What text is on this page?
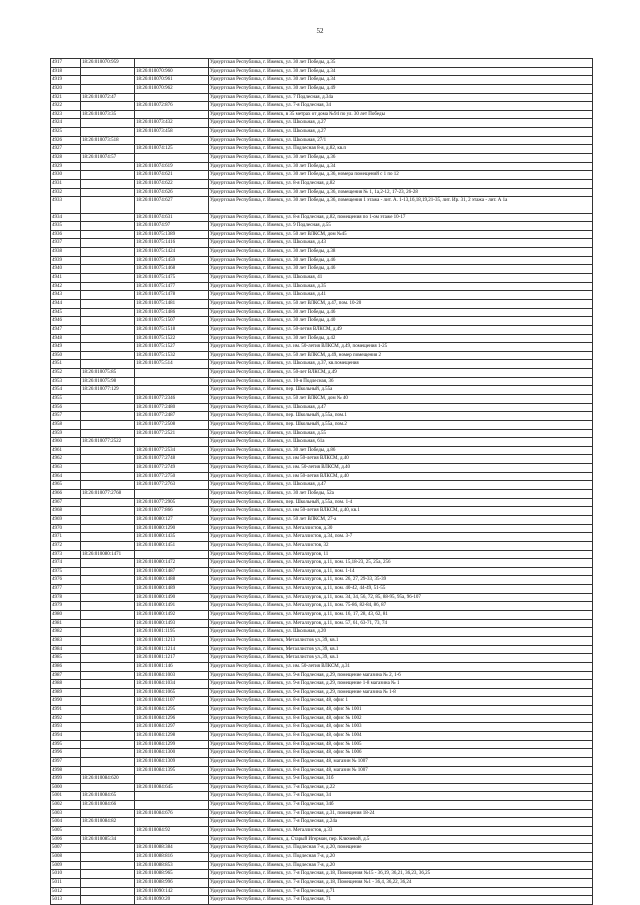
52
4917	18:26:010070:959		Удмуртская Республика, г. Ижевск, ул. 30 лет Победы, д.35
4918		18:26:010070:960	Удмуртская Республика, г. Ижевск, ул. 30 лет Победы, д.34
4919		18:26:010070:961	Удмуртская Республика, г. Ижевск, ул. 30 лет Победы, д.34
4920		18:26:010070:962	Удмуртская Республика, г. Ижевск, ул. 30 лет Победы, д.49
4921	18:26:010072:47		Удмуртская Республика, г. Ижевск, ул. 7 Подлесная, д.34а
4922		18:26:010072:876	Удмуртская Республика, г. Ижевск, ул. 7-я Подлесная, 34
4923	18:26:010073:35		Удмуртская Республика, г. Ижевск, в 35 метрах от дома №94 по ул. 30 лет Победы
4924		18:26:010073:432	Удмуртская Республика, г. Ижевск, ул. Школьная, д.27
4925		18:26:010073:458	Удмуртская Республика, г. Ижевск, ул. Школьная, д.27
4926	18:26:010073:518		Удмуртская Республика, г. Ижевск, ул. Школьная, 27/1
4927		18:26:010074:125	Удмуртская Республика, г. Ижевск, ул. Подлесная 8-я, д.82, кв.п
4928	18:26:010074:57		Удмуртская Республика, г. Ижевск, ул. 30 лет Победы, д.36
4929		18:26:010074:619	Удмуртская Республика, г. Ижевск, ул. 30 лет Победы, д.34
4930		18:26:010074:621	Удмуртская Республика, г. Ижевск, ул. 30 лет Победы, д.36, номера помещений с 1 по 12
4931		18:26:010074:622	Удмуртская Республика, г. Ижевск, ул. 8-я Подлесная, д.82
4932		18:26:010074:626	Удмуртская Республика, г. Ижевск, ул. 30 лет Победы, д.36, помещения № 1, 1а,2-12, 17-23, 26-28
4933		18:26:010074:627	Удмуртская Республика, г. Ижевск, ул. 30 лет Победы, д.36, помещения 1 этажа - лит. А. 1-13,16,18,19,21-35, лит. Ир. 31, 2 этажа - лит. А 1а
4934		18:26:010074:631	Удмуртская Республика, г. Ижевск, ул. 8-я Подлесная, д.82, помещения по 1-ом этаже 10-17
4935		18:26:010074:97	Удмуртская Республика, г. Ижевск, ул. 9 Подлесная, д.55
4936		18:26:010075:1389	Удмуртская Республика, г. Ижевск, ул. 50 лет ВЛКСМ, дом №45
4937		18:26:010075:1416	Удмуртская Республика, г. Ижевск, ул. Школьная, д.43
4938		18:26:010075:1424	Удмуртская Республика, г. Ижевск, ул. 30 лет Победы, д.38
4939		18:26:010075:1459	Удмуртская Республика, г. Ижевск, ул. 30 лет Победы, д.46
4940		18:26:010075:1468	Удмуртская Республика, г. Ижевск, ул. 30 лет Победы, д.46
4941		18:26:010075:1475	Удмуртская Республика, г. Ижевск, ул. Школьная, 41
4942		18:26:010075:1477	Удмуртская Республика, г. Ижевск, ул. Школьная, д.35
4943		18:26:010075:1478	Удмуртская Республика, г. Ижевск, ул. Школьная, д.41
4944		18:26:010075:1481	Удмуртская Республика, г. Ижевск, ул. 50 лет ВЛКСМ, д.47, пом. 10-20
4945		18:26:010075:1486	Удмуртская Республика, г. Ижевск, ул. 30 лет Победы, д.46
4946		18:26:010075:1507	Удмуртская Республика, г. Ижевск, ул. 30 лет Победы, д.40
4947		18:26:010075:1518	Удмуртская Республика, г. Ижевск, ул. 50-летия ВЛКСМ, д.49
4948		18:26:010075:1522	Удмуртская Республика, г. Ижевск, ул. 30 лет Победы, д.42
4949		18:26:010075:1527	Удмуртская Республика, г. Ижевск, ул. им. 50-летия ВЛКСМ, д.49, помещения 1-25
4950		18:26:010075:1532	Удмуртская Республика, г. Ижевск, ул. 50 лет ВЛКСМ, д.49, номер помещения 2
4951		18:26:010075:514	Удмуртская Республика, г. Ижевск, ул. Школьная, д.37, кв.помещения
4952	18:26:010075:85		Удмуртская Республика, г. Ижевск, ул. 50-лет ВЛКСМ, д.49
4953	18:26:010075:98		Удмуртская Республика, г. Ижевск, ул. 10-я Подлесная, 36
4954	18:26:010077:129		Удмуртская Республика, г. Ижевск, пер. Школьный, д.55а
4955		18:26:010077:2346	Удмуртская Республика, г. Ижевск, ул. 50 лет ВЛКСМ, дом № 40
4956		18:26:010077:2480	Удмуртская Республика, г. Ижевск, ул. Школьная, д.47
4957		18:26:010077:2487	Удмуртская Республика, г. Ижевск, пер. Школьный, д.55а, пом.1
4958		18:26:010077:2508	Удмуртская Республика, г. Ижевск, пер. Школьный, д.55а, пом.2
4959		18:26:010077:2521	Удмуртская Республика, г. Ижевск, ул. Школьная, д.55
4960	18:26:010077:2522		Удмуртская Республика, г. Ижевск, ул. Школьная, 61а
4961		18:26:010077:2534	Удмуртская Республика, г. Ижевск, ул. 30 лет Победы, д.86
4962		18:26:010077:2748	Удмуртская Республика, г. Ижевск, ул. им 50-летия ВЛКСМ, д.40
4963		18:26:010077:2749	Удмуртская Республика, г. Ижевск, ул. им. 50-летия ВЛКСМ, д.40
4964		18:26:010077:2750	Удмуртская Республика, г. Ижевск, ул. им 50-летия ВЛКСМ, д.40
4965		18:26:010077:2763	Удмуртская Республика, г. Ижевск, ул. Школьная, д.47
4966	18:26:010077:2768		Удмуртская Республика, г. Ижевск, ул. 30 лет Победы, 52а
4967		18:26:010077:2905	Удмуртская Республика, г. Ижевск, пер. Школьный, д.55а, пом. 1-4
4968		18:26:010077:866	Удмуртская Республика, г. Ижевск, ул. им 50-летия ВЛКСМ, д.40, кв.1
4969		18:26:010080:127	Удмуртская Республика, г. Ижевск, ул. 50 лет ВЛКСМ, 27-а
4970		18:26:010080:1290	Удмуртская Республика, г. Ижевск, ул. Металлистов, д.30
4971		18:26:010080:1435	Удмуртская Республика, г. Ижевск, ул. Металлистов, д.34, пом. 3-7
4972		18:26:010080:1451	Удмуртская Республика, г. Ижевск, ул. Металлистов, 32
4973	18:26:010080:1471		Удмуртская Республика, г. Ижевск, ул. Металлургов, 11
4974		18:26:010080:1472	Удмуртская Республика, г. Ижевск, ул. Металлургов, д.11, пом. 15,18-23, 25, 25а, 256
4975		18:26:010080:1487	Удмуртская Республика, г. Ижевск, ул. Металлургов, д.11, пом. 1-14
4976		18:26:010080:1488	Удмуртская Республика, г. Ижевск, ул. Металлургов, д.11, пом. 26, 27, 29-33, 35-39
4977		18:26:010080:1489	Удмуртская Республика, г. Ижевск, ул. Металлургов, д.11, пом. 40-42, 44-49, 51-55
4978		18:26:010080:1490	Удмуртская Республика, г. Ижевск, ул. Металлургов, д.11, пом. 34, 34, 56, 72, 85, 88-95, 95а, 96-107
4979		18:26:010080:1491	Удмуртская Республика, г. Ижевск, ул. Металлургов, д.11, пом. 75-86, 82-84, 86, 87
4980		18:26:010080:1492	Удмуртская Республика, г. Ижевск, ул. Металлургов, д.11, пом. 16, 17, 28, 43, 62, 81
4981		18:26:010080:1493	Удмуртская Республика, г. Ижевск, ул. Металлургов, д.11, пом. 57, 61, 63-71, 73, 74
4982		18:26:010081:1195	Удмуртская Республика, г. Ижевск, ул. Школьная, д.20
4983		18:26:010081:1213	Удмуртская Республика, г. Ижевск, Металлистов ул.,39, кв.1
4984		18:26:010081:1214	Удмуртская Республика, г. Ижевск, Металлистов ул.,39, кв.1
4985		18:26:010081:1217	Удмуртская Республика, г. Ижевск, Металлистов ул.,39, кв.1
4986		18:26:010081:146	Удмуртская Республика, г. Ижевск, ул. им. 50-летия ВЛКСМ, д.31
4987		18:26:010084:1003	Удмуртская Республика, г. Ижевск, ул. 9-я Подлесная, д.29, помещение магазина № 2, 1-6
4988		18:26:010084:1034	Удмуртская Республика, г. Ижевск, ул. 9-я Подлесная, д.29, помещение 1-8 магазина № 1
4989		18:26:010084:1065	Удмуртская Республика, г. Ижевск, ул. 9-я Подлесная, д.29, помещение магазина № 1-8
4990		18:26:010084:1107	Удмуртская Республика, г. Ижевск, ул. 8-я Подлесная, 48, офис 1
4991		18:26:010084:1295	Удмуртская Республика, г. Ижевск, ул. 8-я Подлесная, 48, офис № 1001
4992		18:26:010084:1296	Удмуртская Республика, г. Ижевск, ул. 8-я Подлесная, 48, офис № 1002
4993		18:26:010084:1297	Удмуртская Республика, г. Ижевск, ул. 8-я Подлесная, 48, офис № 1003
4994		18:26:010084:1298	Удмуртская Республика, г. Ижевск, ул. 8-я Подлесная, 48, офис № 1004
4995		18:26:010084:1299	Удмуртская Республика, г. Ижевск, ул. 8-я Подлесная, 48, офис № 1005
4996		18:26:010084:1300	Удмуртская Республика, г. Ижевск, ул. 8-я Подлесная, 48, офис № 1006
4997		18:26:010084:1309	Удмуртская Республика, г. Ижевск, ул. 8-я Подлесная, 48, магазин № 1007
4998		18:26:010084:1395	Удмуртская Республика, г. Ижевск, ул. 8-я Подлесная, 48, магазин № 1007
4999	18:26:010084:620		Удмуртская Республика, г. Ижевск, ул. 9-я Подлесная, 31б
5000		18:26:010084:645	Удмуртская Республика, г. Ижевск, ул. 7-я Подлесная, д.22
5001	18:26:010084:65		Удмуртская Республика, г. Ижевск, ул. 7-я Подлесная, 34
5002	18:26:010084:66		Удмуртская Республика, г. Ижевск, ул. 7-я Подлесная, 34б
5003		18:26:010084:676	Удмуртская Республика, г. Ижевск, ул. 7-я Подлесная, д.31, помещения 18-24
5004	18:26:010084:82		Удмуртская Республика, г. Ижевск, ул. 7-я Подлесная, д.24а
5005		18:26:010084:92	Удмуртская Республика, г. Ижевск, ул. Металлистов, д.33
5006	18:26:010085:34		Удмуртская Республика, г. Ижевск, д. Старый Игерман, пер. Ключевой, д.5
5007		18:26:010088:384	Удмуртская Республика, г. Ижевск, ул. Подлесная 7-я, д.20, помещение
5008		18:26:010088:816	Удмуртская Республика, г. Ижевск, ул. Подлесная 7-я, д.20
5009		18:26:010088:853	Удмуртская Республика, г. Ижевск, ул. Подлесная 7-я, д.20
5010		18:26:010088:965	Удмуртская Республика, г. Ижевск, ул. 7-я Подлесная, д.18, Помещения №15 - 36,19, 36,21, 36,23, 36,25
5011		18:26:010088:996	Удмуртская Республика, г. Ижевск, ул. 7-я Подлесная, д.18, Помещения №1 - 36,4, 36,22, 36,24
5012		18:26:010090:142	Удмуртская Республика, г. Ижевск, ул. 7-я Подлесная, д.71
5013		18:26:010090:20	Удмуртская Республика, г. Ижевск, ул. 7-я Подлесная, 71
